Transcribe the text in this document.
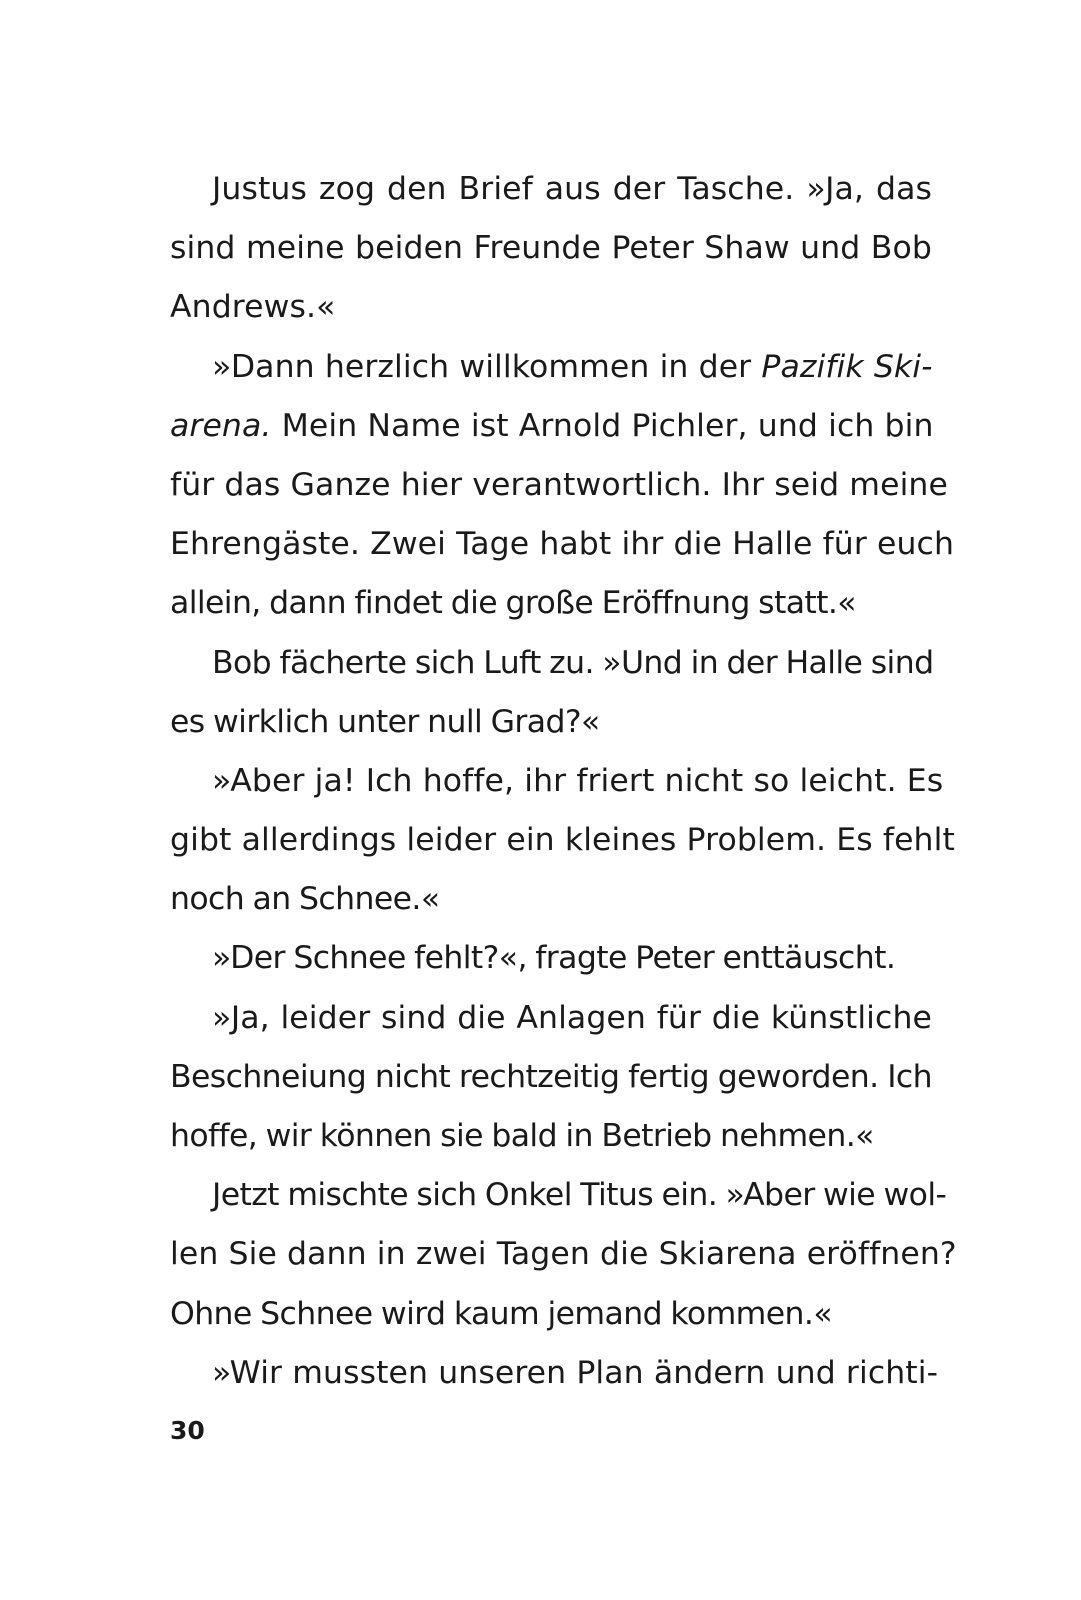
Justus zog den Brief aus der Tasche. »Ja, das
sind meine beiden Freunde Peter Shaw und Bob
Andrews.«
»Dann herzlich willkommen in der Pazifik Ski-
arena. Mein Name ist Arnold Pichler, und ich bin
für das Ganze hier verantwortlich. Ihr seid meine
Ehrengäste. Zwei Tage habt ihr die Halle für euch
allein, dann findet die große Eröffnung statt.«
Bob fächerte sich Luft zu. »Und in der Halle sind
es wirklich unter null Grad?«
»Aber ja! Ich hoffe, ihr friert nicht so leicht. Es
gibt allerdings leider ein kleines Problem. Es fehlt
noch an Schnee.«
»Der Schnee fehlt?«, fragte Peter enttäuscht.
»Ja, leider sind die Anlagen für die künstliche
Beschneiung nicht rechtzeitig fertig geworden. Ich
hoffe, wir können sie bald in Betrieb nehmen.«
Jetzt mischte sich Onkel Titus ein. »Aber wie wol-
len Sie dann in zwei Tagen die Skiarena eröffnen?
Ohne Schnee wird kaum jemand kommen.«
»Wir mussten unseren Plan ändern und richti-
30
